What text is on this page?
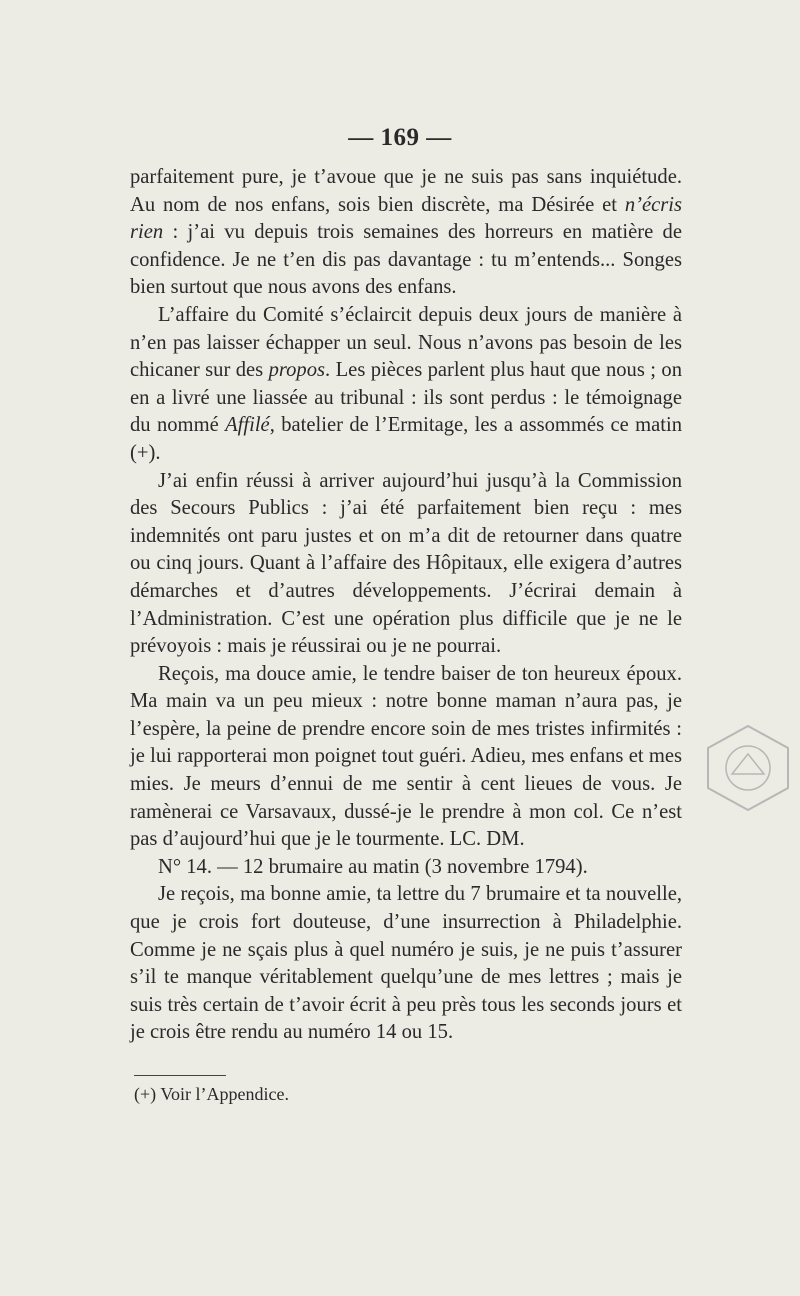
— 169 —

parfaitement pure, je t’avoue que je ne suis pas sans inquiétude. Au nom de nos enfans, sois bien discrète, ma Désirée et n’écris rien : j’ai vu depuis trois semaines des horreurs en matière de confidence. Je ne t’en dis pas davantage : tu m’entends... Songes bien surtout que nous avons des enfans.

L’affaire du Comité s’éclaircit depuis deux jours de manière à n’en pas laisser échapper un seul. Nous n’avons pas besoin de les chicaner sur des propos. Les pièces parlent plus haut que nous ; on en a livré une liassée au tribunal : ils sont perdus : le témoignage du nommé Affilé, batelier de l’Ermitage, les a assommés ce matin (+).

J’ai enfin réussi à arriver aujourd’hui jusqu’à la Commission des Secours Publics : j’ai été parfaitement bien reçu : mes indemnités ont paru justes et on m’a dit de retourner dans quatre ou cinq jours. Quant à l’affaire des Hôpitaux, elle exigera d’autres démarches et d’autres développements. J’écrirai demain à l’Administration. C’est une opération plus difficile que je ne le prévoyois : mais je réussirai ou je ne pourrai.

Reçois, ma douce amie, le tendre baiser de ton heureux époux. Ma main va un peu mieux : notre bonne maman n’aura pas, je l’espère, la peine de prendre encore soin de mes tristes infirmités : je lui rapporterai mon poignet tout guéri. Adieu, mes enfans et mes mies. Je meurs d’ennui de me sentir à cent lieues de vous. Je ramènerai ce Varsavaux, dussé-je le prendre à mon col. Ce n’est pas d’aujourd’hui que je le tourmente. LC. DM.

N° 14. — 12 brumaire au matin (3 novembre 1794).

Je reçois, ma bonne amie, ta lettre du 7 brumaire et ta nouvelle, que je crois fort douteuse, d’une insurrection à Philadelphie. Comme je ne sçais plus à quel numéro je suis, je ne puis t’assurer s’il te manque véritablement quelqu’une de mes lettres ; mais je suis très certain de t’avoir écrit à peu près tous les seconds jours et je crois être rendu au numéro 14 ou 15.

(+) Voir l’Appendice.
